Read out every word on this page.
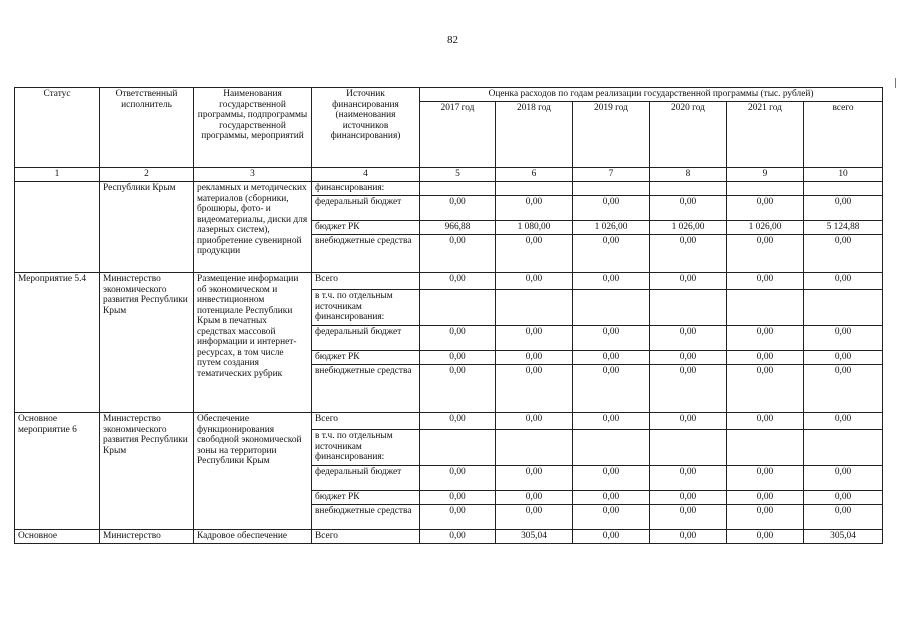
82
Статус	Ответственный исполнитель	Наименования государственной программы, подпрограммы государственной программы, мероприятий	Источник финансирования (наименования источников финансирования)	Оценка расходов по годам реализации государственной программы (тыс. рублей)					
				2017 год	2018 год	2019 год	2020 год	2021 год	всего
1	2	3	4	5	6	7	8	9	10
	Республики Крым	рекламных и методических материалов (сборники, брошюры, фото- и видеоматериалы, диски для лазерных систем), приобретение сувенирной продукции	финансирования:						
			федеральный бюджет	0,00	0,00	0,00	0,00	0,00	0,00
			бюджет РК	966,88	1 080,00	1 026,00	1 026,00	1 026,00	5 124,88
			внебюджетные средства	0,00	0,00	0,00	0,00	0,00	0,00
Мероприятие 5.4	Министерство экономического развития Республики Крым	Размещение информации об экономическом и инвестиционном потенциале Республики Крым в печатных средствах массовой информации и интернет-ресурсах, в том числе путем создания тематических рубрик	Всего	0,00	0,00	0,00	0,00	0,00	0,00
			в т.ч. по отдельным источникам финансирования:						
			федеральный бюджет	0,00	0,00	0,00	0,00	0,00	0,00
			бюджет РК	0,00	0,00	0,00	0,00	0,00	0,00
			внебюджетные средства	0,00	0,00	0,00	0,00	0,00	0,00
Основное мероприятие 6	Министерство экономического развития Республики Крым	Обеспечение функционирования свободной экономической зоны на территории Республики Крым	Всего	0,00	0,00	0,00	0,00	0,00	0,00
			в т.ч. по отдельным источникам финансирования:						
			федеральный бюджет	0,00	0,00	0,00	0,00	0,00	0,00
			бюджет РК	0,00	0,00	0,00	0,00	0,00	0,00
			внебюджетные средства	0,00	0,00	0,00	0,00	0,00	0,00
Основное	Министерство	Кадровое обеспечение	Всего	0,00	305,04	0,00	0,00	0,00	305,04
